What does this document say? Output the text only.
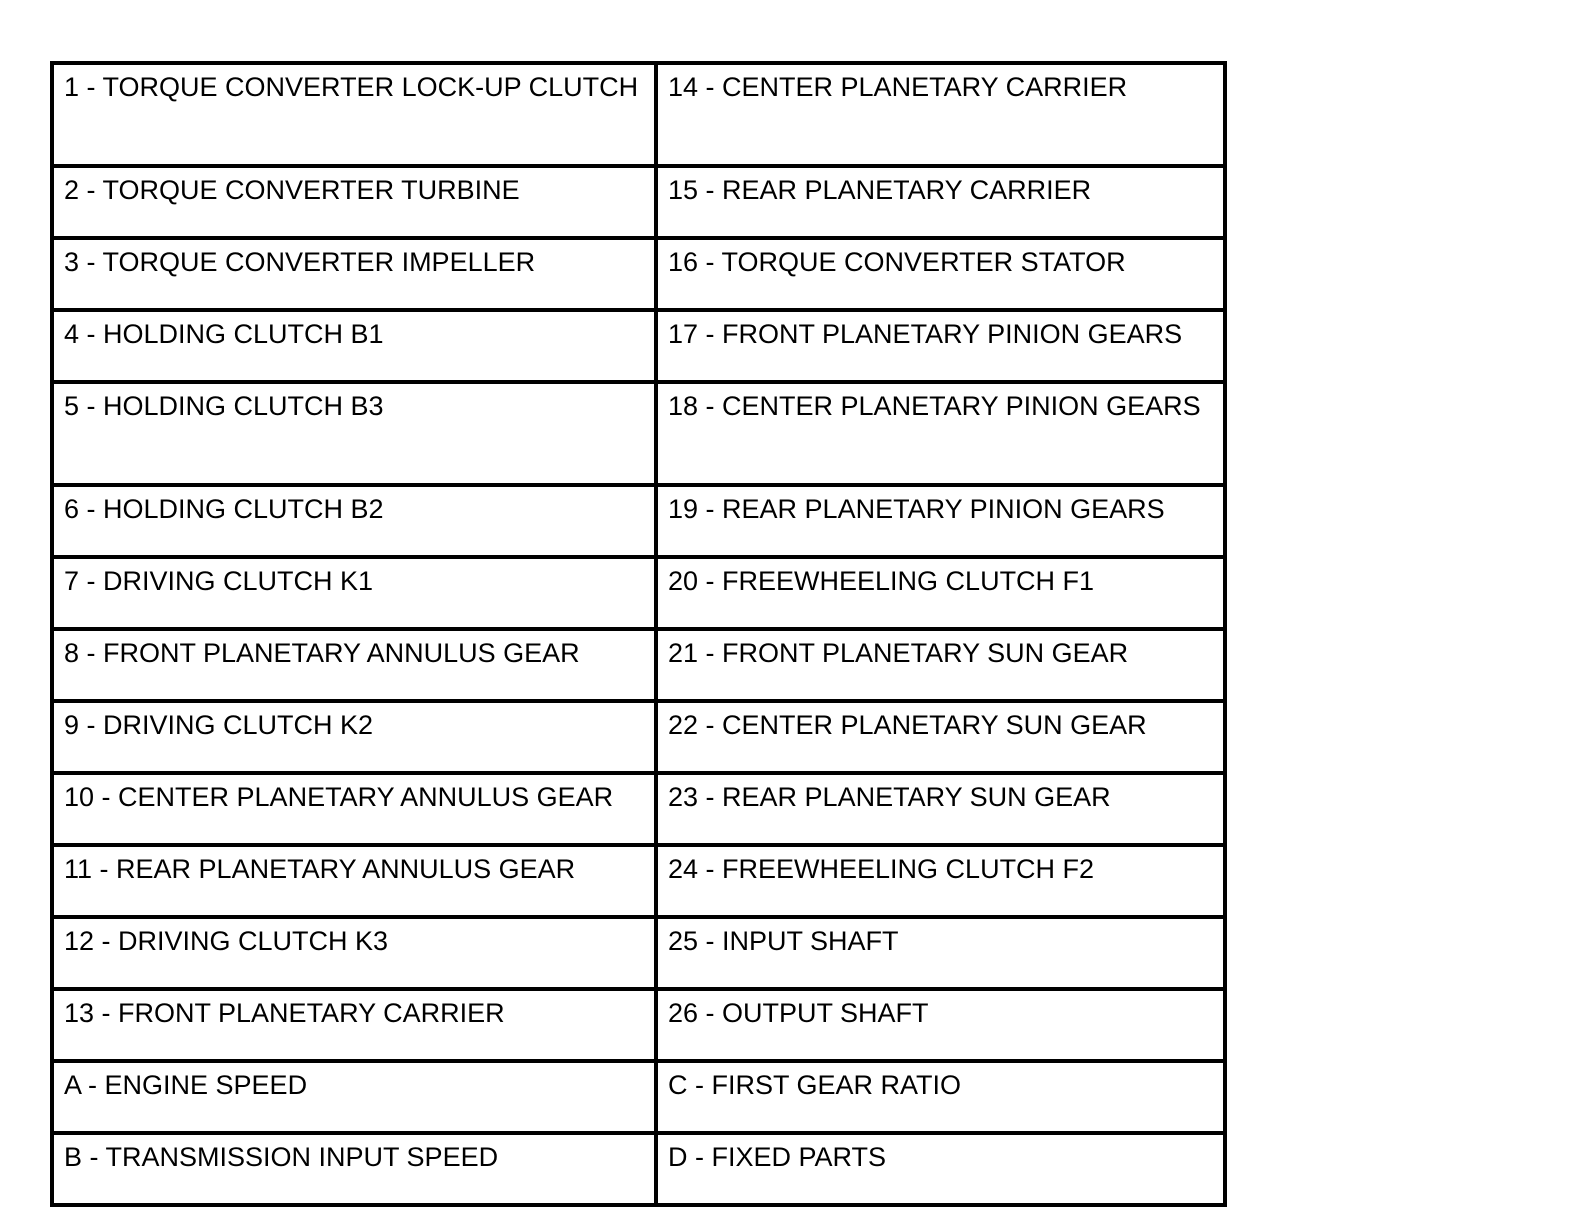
1 - TORQUE CONVERTER LOCK-UP CLUTCH	14 - CENTER PLANETARY CARRIER
2 - TORQUE CONVERTER TURBINE	15 - REAR PLANETARY CARRIER
3 - TORQUE CONVERTER IMPELLER	16 - TORQUE CONVERTER STATOR
4 - HOLDING CLUTCH B1	17 - FRONT PLANETARY PINION GEARS
5 - HOLDING CLUTCH B3	18 - CENTER PLANETARY PINION GEARS
6 - HOLDING CLUTCH B2	19 - REAR PLANETARY PINION GEARS
7 - DRIVING CLUTCH K1	20 - FREEWHEELING CLUTCH F1
8 - FRONT PLANETARY ANNULUS GEAR	21 - FRONT PLANETARY SUN GEAR
9 - DRIVING CLUTCH K2	22 - CENTER PLANETARY SUN GEAR
10 - CENTER PLANETARY ANNULUS GEAR	23 - REAR PLANETARY SUN GEAR
11 - REAR PLANETARY ANNULUS GEAR	24 - FREEWHEELING CLUTCH F2
12 - DRIVING CLUTCH K3	25 - INPUT SHAFT
13 - FRONT PLANETARY CARRIER	26 - OUTPUT SHAFT
A - ENGINE SPEED	C - FIRST GEAR RATIO
B - TRANSMISSION INPUT SPEED	D - FIXED PARTS
